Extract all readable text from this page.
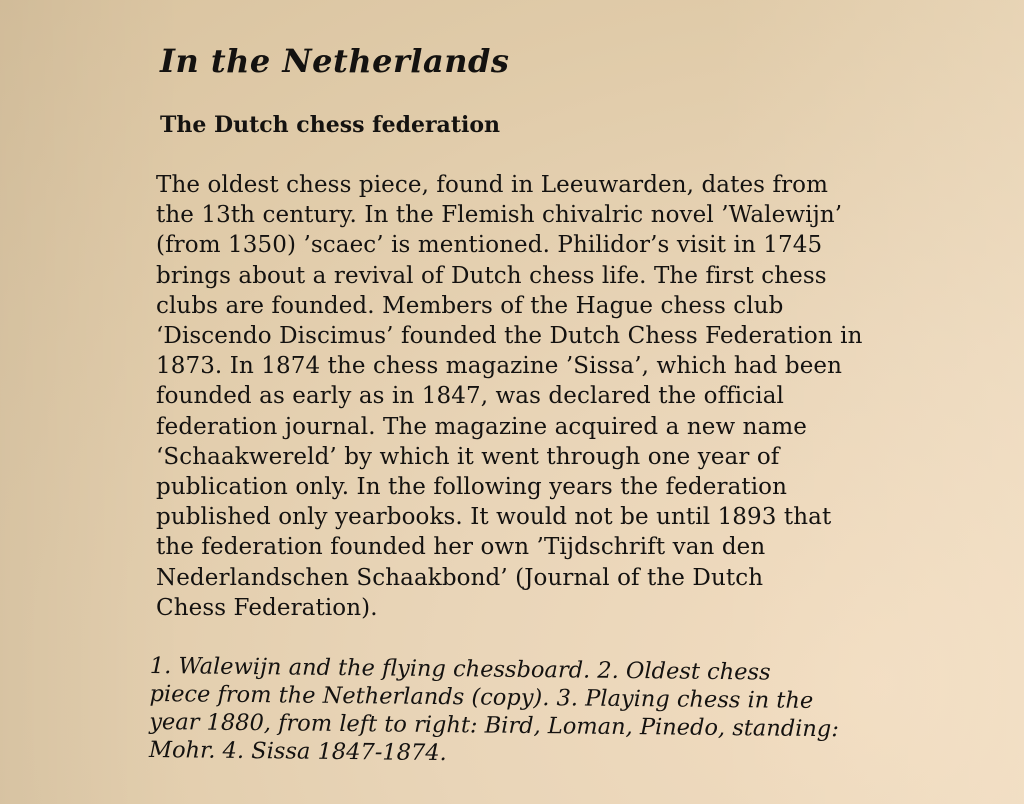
In the Netherlands
The Dutch chess federation

The oldest chess piece, found in Leeuwarden, dates from
the 13th century. In the Flemish chivalric novel ’Walewijn’
(from 1350) ’scaec’ is mentioned. Philidor’s visit in 1745
brings about a revival of Dutch chess life. The first chess
clubs are founded. Members of the Hague chess club
‘Discendo Discimus’ founded the Dutch Chess Federation in
1873. In 1874 the chess magazine ’Sissa’, which had been
founded as early as in 1847, was declared the official
federation journal. The magazine acquired a new name
‘Schaakwereld’ by which it went through one year of
publication only. In the following years the federation
published only yearbooks. It would not be until 1893 that
the federation founded her own ’Tijdschrift van den
Nederlandschen Schaakbond’ (Journal of the Dutch
Chess Federation).

1. Walewijn and the flying chessboard. 2. Oldest chess
piece from the Netherlands (copy). 3. Playing chess in the
year 1880, from left to right: Bird, Loman, Pinedo, standing:
Mohr. 4. Sissa 1847-1874.
